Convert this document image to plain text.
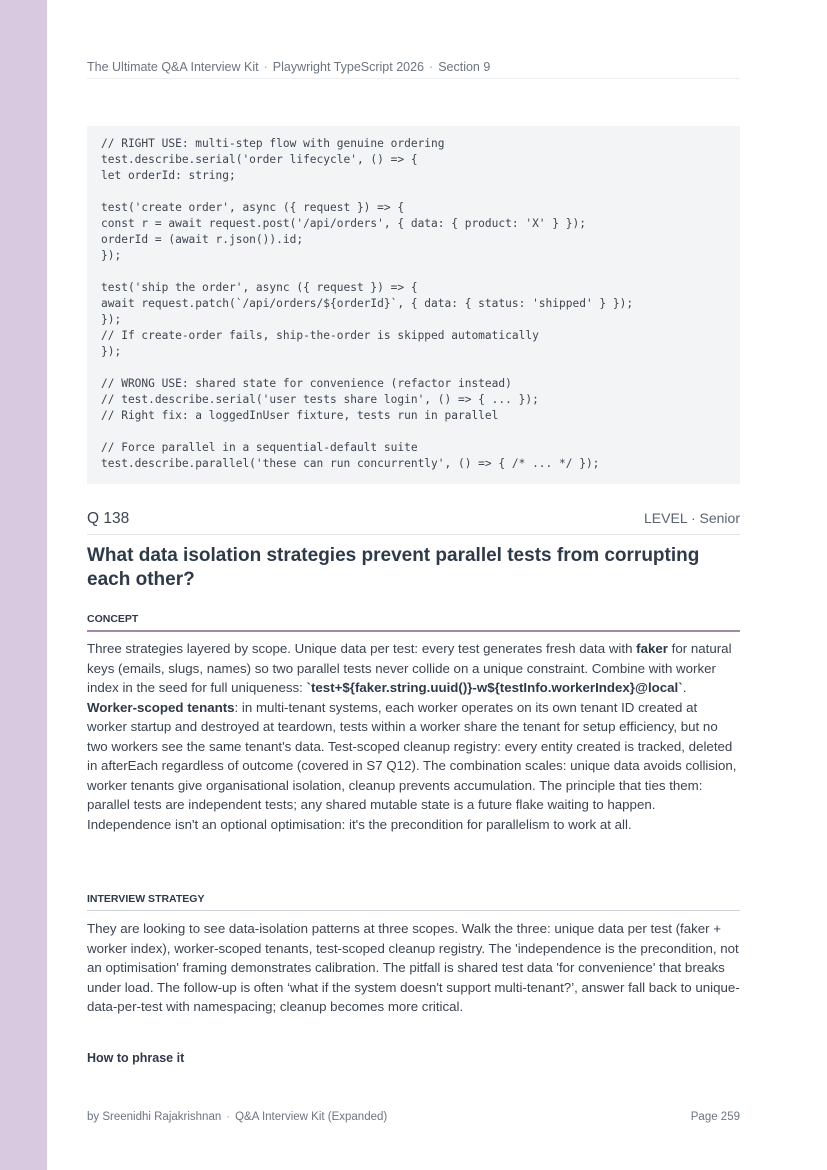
The Ultimate Q&A Interview Kit · Playwright TypeScript 2026 · Section 9
// RIGHT USE: multi-step flow with genuine ordering
test.describe.serial('order lifecycle', () => {
let orderId: string;
test('create order', async ({ request }) => {
const r = await request.post('/api/orders', { data: { product: 'X' } });
orderId = (await r.json()).id;
});
test('ship the order', async ({ request }) => {
await request.patch(`/api/orders/${orderId}`, { data: { status: 'shipped' } });
});
// If create-order fails, ship-the-order is skipped automatically
});
// WRONG USE: shared state for convenience (refactor instead)
// test.describe.serial('user tests share login', () => { ... });
// Right fix: a loggedInUser fixture, tests run in parallel
// Force parallel in a sequential-default suite
test.describe.parallel('these can run concurrently', () => { /* ... */ });
Q 138	LEVEL · Senior
What data isolation strategies prevent parallel tests from corrupting each other?
CONCEPT

Three strategies layered by scope. Unique data per test: every test generates fresh data with faker for natural keys (emails, slugs, names) so two parallel tests never collide on a unique constraint. Combine with worker index in the seed for full uniqueness: `test+${faker.string.uuid()}-w${testInfo.workerIndex}@local`. Worker-scoped tenants: in multi-tenant systems, each worker operates on its own tenant ID created at worker startup and destroyed at teardown, tests within a worker share the tenant for setup efficiency, but no two workers see the same tenant's data. Test-scoped cleanup registry: every entity created is tracked, deleted in afterEach regardless of outcome (covered in S7 Q12). The combination scales: unique data avoids collision, worker tenants give organisational isolation, cleanup prevents accumulation. The principle that ties them: parallel tests are independent tests; any shared mutable state is a future flake waiting to happen. Independence isn't an optional optimisation: it's the precondition for parallelism to work at all.

INTERVIEW STRATEGY

They are looking to see data-isolation patterns at three scopes. Walk the three: unique data per test (faker + worker index), worker-scoped tenants, test-scoped cleanup registry. The 'independence is the precondition, not an optimisation' framing demonstrates calibration. The pitfall is shared test data 'for convenience' that breaks under load. The follow-up is often ‘what if the system doesn't support multi-tenant?’, answer fall back to unique-data-per-test with namespacing; cleanup becomes more critical.

How to phrase it
by Sreenidhi Rajakrishnan · Q&A Interview Kit (Expanded)	Page 259
